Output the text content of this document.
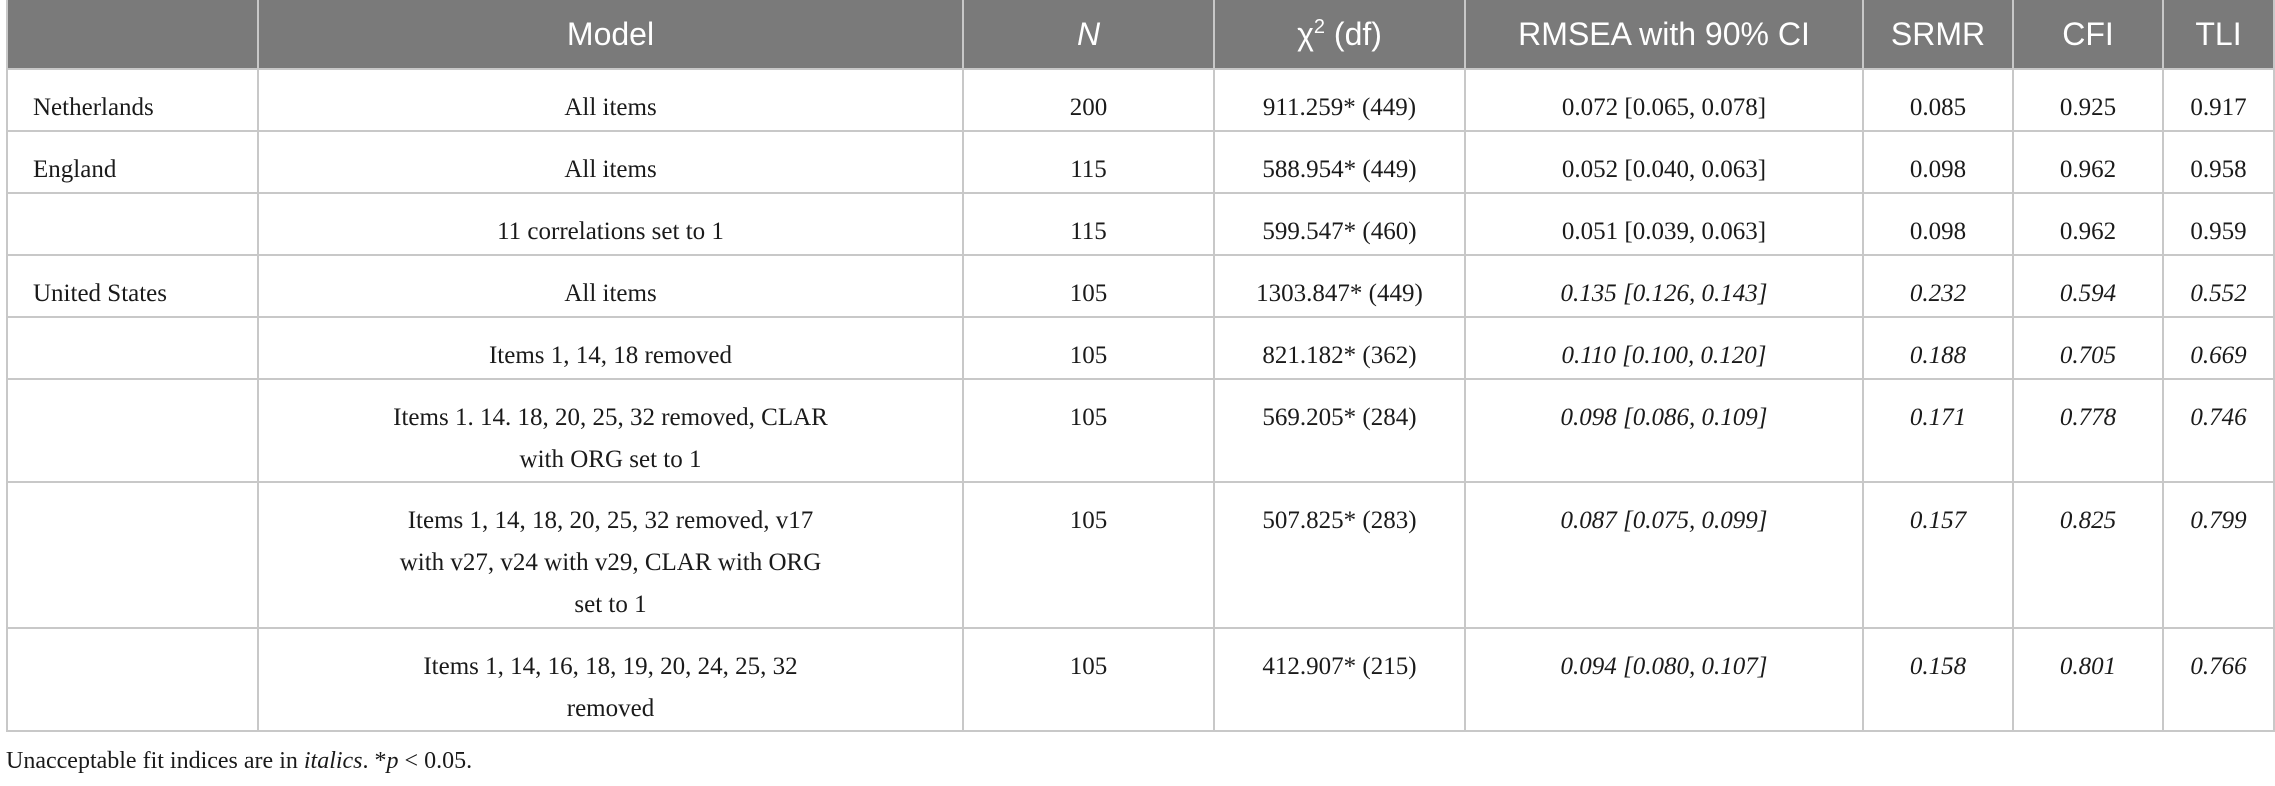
	Model	N	$\chi^2$ (df)	RMSEA with 90% CI	SRMR	CFI	TLI
Netherlands	All items	200	911.259* (449)	0.072 [0.065, 0.078]	0.085	0.925	0.917
England	All items	115	588.954* (449)	0.052 [0.040, 0.063]	0.098	0.962	0.958
	11 correlations set to 1	115	599.547* (460)	0.051 [0.039, 0.063]	0.098	0.962	0.959
United States	All items	105	1303.847* (449)	0.135 [0.126, 0.143]	0.232	0.594	0.552
	Items 1, 14, 18 removed	105	821.182* (362)	0.110 [0.100, 0.120]	0.188	0.705	0.669
	Items 1. 14. 18, 20, 25, 32 removed, CLAR
with ORG set to 1	105	569.205* (284)	0.098 [0.086, 0.109]	0.171	0.778	0.746
	Items 1, 14, 18, 20, 25, 32 removed, v17
with v27, v24 with v29, CLAR with ORG
set to 1	105	507.825* (283)	0.087 [0.075, 0.099]	0.157	0.825	0.799
	Items 1, 14, 16, 18, 19, 20, 24, 25, 32
removed	105	412.907* (215)	0.094 [0.080, 0.107]	0.158	0.801	0.766
Unacceptable fit indices are in italics. *p < 0.05.
